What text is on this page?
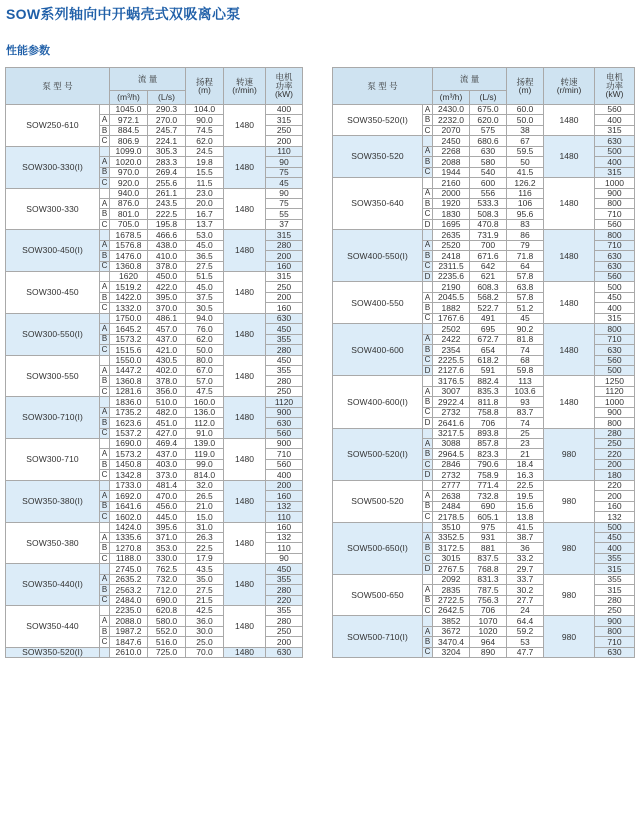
SOW系列轴向中开蜗壳式双吸离心泵
性能参数
泵 型 号		流 量		扬程
(m)	转速
(r/min)	电机
功率
(kW)
		(m³/h)	(L/s)			
SOW250-610		1045.0	290.3	104.0	1480	400
	A	972.1	270.0	90.0		315
	B	884.5	245.7	74.5		250
	C	806.9	224.1	62.0		200
SOW300-330(I)		1099.0	305.3	24.5	1480	110
	A	1020.0	283.3	19.8		90
	B	970.0	269.4	15.5		75
	C	920.0	255.6	11.5		45
SOW300-330		940.0	261.1	23.0	1480	90
	A	876.0	243.5	20.0		75
	B	801.0	222.5	16.7		55
	C	705.0	195.8	13.7		37
SOW300-450(I)		1678.5	466.6	53.0	1480	315
	A	1576.8	438.0	45.0		280
	B	1476.0	410.0	36.5		200
	C	1360.8	378.0	27.5		160
SOW300-450		1620	450.0	51.5	1480	315
	A	1519.2	422.0	45.0		250
	B	1422.0	395.0	37.5		200
	C	1332.0	370.0	30.5		160
SOW300-550(I)		1750.0	486.1	94.0	1480	630
	A	1645.2	457.0	76.0		450
	B	1573.2	437.0	62.0		355
	C	1515.6	421.0	50.0		280
SOW300-550		1550.0	430.5	80.0	1480	450
	A	1447.2	402.0	67.0		355
	B	1360.8	378.0	57.0		280
	C	1281.6	356.0	47.5		250
SOW300-710(I)		1836.0	510.0	160.0	1480	1120
	A	1735.2	482.0	136.0		900
	B	1623.6	451.0	112.0		630
	C	1537.2	427.0	91.0		560
SOW300-710		1690.0	469.4	139.0	1480	900
	A	1573.2	437.0	119.0		710
	B	1450.8	403.0	99.0		560
	C	1342.8	373.0	814.0		400
SOW350-380(I)		1733.0	481.4	32.0	1480	200
	A	1692.0	470.0	26.5		160
	B	1641.6	456.0	21.0		132
	C	1602.0	445.0	15.0		110
SOW350-380		1424.0	395.6	31.0	1480	160
	A	1335.6	371.0	26.3		132
	B	1270.8	353.0	22.5		110
	C	1188.0	330.0	17.9		90
SOW350-440(I)		2745.0	762.5	43.5	1480	450
	A	2635.2	732.0	35.0		355
	B	2563.2	712.0	27.5		280
	C	2484.0	690.0	21.5		220
SOW350-440		2235.0	620.8	42.5	1480	355
	A	2088.0	580.0	36.0		280
	B	1987.2	552.0	30.0		250
	C	1847.6	516.0	25.0		200
SOW350-520(I)		2610.0	725.0	70.0	1480	630
泵 型 号		流 量		扬程
(m)	转速
(r/min)	电机
功率
(kW)
		(m³/h)	(L/s)			
SOW350-520(I)	A	2430.0	675.0	60.0	1480	560
	B	2232.0	620.0	50.0		400
	C	2070	575	38		315
SOW350-520		2450	680.6	67	1480	630
	A	2268	630	59.5		500
	B	2088	580	50		400
	C	1944	540	41.5		315
SOW350-640		2160	600	126.2	1480	1000
	A	2000	556	116		900
	B	1920	533.3	106		800
	C	1830	508.3	95.6		710
	D	1695	470.8	83		560
SOW400-550(I)		2635	731.9	86	1480	800
	A	2520	700	79		710
	B	2418	671.6	71.8		630
	C	2311.5	642	64		630
	D	2235.6	621	57.8		560
SOW400-550		2190	608.3	63.8	1480	500
	A	2045.5	568.2	57.8		450
	B	1882	522.7	51.2		400
	C	1767.6	491	45		315
SOW400-600		2502	695	90.2	1480	800
	A	2422	672.7	81.8		710
	B	2354	654	74		630
	C	2225.5	618.2	68		560
	D	2127.6	591	59.8		500
SOW400-600(I)		3176.5	882.4	113	1480	1250
	A	3007	835.3	103.6		1120
	B	2922.4	811.8	93		1000
	C	2732	758.8	83.7		900
	D	2641.6	706	74		800
SOW500-520(I)		3217.5	893.8	25	980	280
	A	3088	857.8	23		250
	B	2964.5	823.3	21		220
	C	2846	790.6	18.4		200
	D	2732	758.9	16.3		180
SOW500-520		2777	771.4	22.5	980	220
	A	2638	732.8	19.5		200
	B	2484	690	15.6		160
	C	2178.5	605.1	13.8		132
SOW500-650(I)		3510	975	41.5	980	500
	A	3352.5	931	38.7		450
	B	3172.5	881	36		400
	C	3015	837.5	33.2		355
	D	2767.5	768.8	29.7		315
SOW500-650		2092	831.3	33.7	980	355
	A	2835	787.5	30.2		315
	B	2722.5	756.3	27.7		280
	C	2642.5	706	24		250
SOW500-710(I)		3852	1070	64.4	980	900
	A	3672	1020	59.2		800
	B	3470.4	964	53		710
	C	3204	890	47.7		630
